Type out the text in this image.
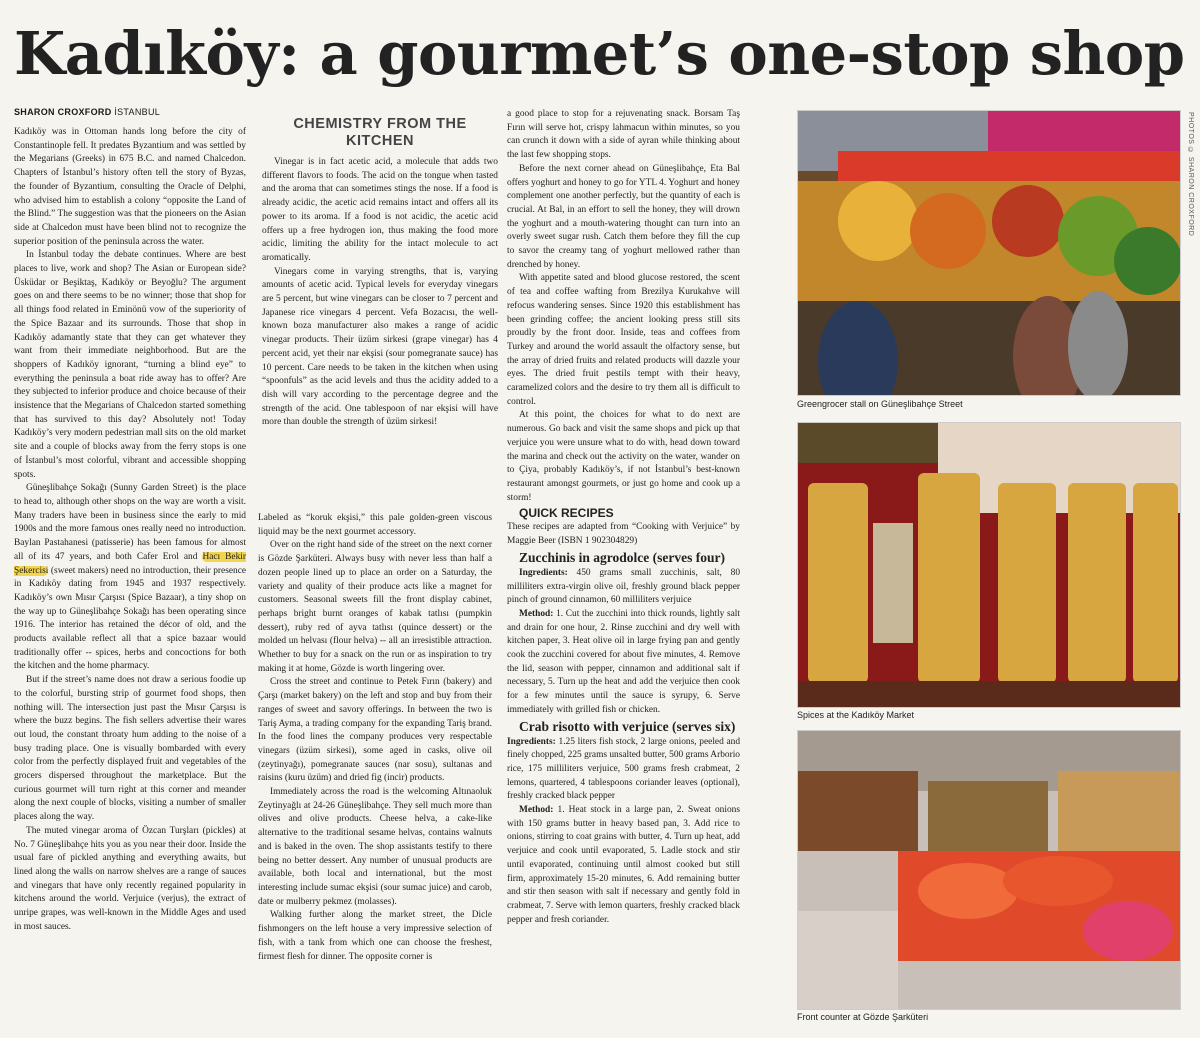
Kadıköy: a gourmet’s one-stop shop
SHARON CROXFORD İSTANBUL

Kadıköy was in Ottoman hands long before the city of Constantinople fell. It predates Byzantium and was settled by the Megarians (Greeks) in 675 B.C. and named Chalcedon. Chapters of İstanbul’s history often tell the story of Byzas, the founder of Byzantium, consulting the Oracle of Delphi, who advised him to establish a colony “opposite the Land of the Blind.” The suggestion was that the pioneers on the Asian side at Chalcedon must have been blind not to recognize the superior position of the peninsula across the water.

In İstanbul today the debate continues. Where are best places to live, work and shop? The Asian or European side? Üsküdar or Beşiktaş, Kadıköy or Beyoğlu? The argument goes on and there seems to be no winner; those that shop for all things food related in Eminönü vow of the superiority of the Spice Bazaar and its surrounds. Those that shop in Kadıköy adamantly state that they can get whatever they want from their immediate neighborhood. But are the shoppers of Kadıköy ignorant, “turning a blind eye” to everything the peninsula a boat ride away has to offer? Are they subjected to inferior produce and choice because of their insistence that the Megarians of Chalcedon started something that has survived to this day? Absolutely not! Today Kadıköy’s very modern pedestrian mall sits on the old market site and a couple of blocks away from the ferry stops is one of İstanbul’s most colorful, vibrant and accessible shopping spots.

Güneşlibahçe Sokağı (Sunny Garden Street) is the place to head to, although other shops on the way are worth a visit. Many traders have been in business since the early to mid 1900s and the more famous ones really need no introduction. Baylan Pastahanesi (patisserie) has been famous for almost all of its 47 years, and both Cafer Erol and Hacı Bekir Şekercisi (sweet makers) need no introduction, their presence in Kadıköy dating from 1945 and 1937 respectively. Kadıköy’s own Mısır Çarşısı (Spice Bazaar), a tiny shop on the way up to Güneşlibahçe Sokağı has been operating since 1916. The interior has retained the décor of old, and the products available reflect all that a spice bazaar would traditionally offer -- spices, herbs and concoctions for both the kitchen and the home pharmacy.

But if the street’s name does not draw a serious foodie up to the colorful, bursting strip of gourmet food shops, then nothing will. The intersection just past the Mısır Çarşısı is where the buzz begins. The fish sellers advertise their wares out loud, the constant throaty hum adding to the noise of a busy trading place. One is visually bombarded with every color from the perfectly displayed fruit and vegetables of the grocers dispersed throughout the marketplace. But the curious gourmet will turn right at this corner and meander along the next couple of blocks, visiting a number of smaller places along the way.

The muted vinegar aroma of Özcan Turşları (pickles) at No. 7 Güneşlibahçe hits you as you near their door. Inside the usual fare of pickled anything and everything awaits, but lined along the walls on narrow shelves are a range of sauces and vinegars that have only recently regained popularity in kitchens around the world. Verjuice (verjus), the extract of unripe grapes, was well-known in the Middle Ages and used in most sauces.

CHEMISTRY FROM THE KITCHEN

Vinegar is in fact acetic acid, a molecule that adds two different flavors to foods. The acid on the tongue when tasted and the aroma that can sometimes stings the nose. If a food is already acidic, the acetic acid remains intact and offers all its power to its aroma. If a food is not acidic, the acetic acid offers up a free hydrogen ion, thus making the food more acidic, limiting the ability for the intact molecule to act aromatically.

Vinegars come in varying strengths, that is, varying amounts of acetic acid. Typical levels for everyday vinegars are 5 percent, but wine vinegars can be closer to 7 percent and Japanese rice vinegars 4 percent. Vefa Bozacısı, the well-known boza manufacturer also makes a range of acidic vinegar products. Their üzüm sirkesi (grape vinegar) has 4 percent acid, yet their nar ekşisi (sour pomegranate sauce) has 10 percent. Care needs to be taken in the kitchen when using “spoonfuls” as the acid levels and thus the acidity added to a dish will vary according to the percentage degree and the strength of the acid. One tablespoon of nar ekşisi will have more than double the strength of üzüm sirkesi!

Labeled as “koruk ekşisi,” this pale golden-green viscous liquid may be the next gourmet accessory.

Over on the right hand side of the street on the next corner is Gözde Şarküteri. Always busy with never less than half a dozen people lined up to place an order on a Saturday, the variety and quality of their produce acts like a magnet for customers. Seasonal sweets fill the front display cabinet, perhaps bright burnt oranges of kabak tatlısı (pumpkin dessert), ruby red of ayva tatlısı (quince dessert) or the molded un helvası (flour helva) -- all an irresistible attraction. Whether to buy for a snack on the run or as inspiration to try making it at home, Gözde is worth lingering over.

Cross the street and continue to Petek Fırın (bakery) and Çarşı (market bakery) on the left and stop and buy from their ranges of sweet and savory offerings. In between the two is Tariş Ayma, a trading company for the expanding Tariş brand. In the food lines the company produces very respectable vinegars (üzüm sirkesi), some aged in casks, olive oil (zeytinyağı), pomegranate sauces (nar sosu), sultanas and raisins (kuru üzüm) and dried fig (incir) products.

Immediately across the road is the welcoming Altınaoluk Zeytinyağlı at 24-26 Güneşlibahçe. They sell much more than olives and olive products. Cheese helva, a cake-like alternative to the traditional sesame helvas, contains walnuts and is baked in the oven. The shop assistants testify to there being no better dessert. Any number of unusual products are available, both local and international, but the most interesting include sumac ekşisi (sour sumac juice) and carob, date or mulberry pekmez (molasses).

Walking further along the market street, the Dicle fishmongers on the left house a very impressive selection of fish, with a tank from which one can choose the freshest, firmest flesh for dinner. The opposite corner is

a good place to stop for a rejuvenating snack. Borsam Taş Fırın will serve hot, crispy lahmacun within minutes, so you can crunch it down with a side of ayran while thinking about the last few shopping stops.

Before the next corner ahead on Güneşlibahçe, Eta Bal offers yoghurt and honey to go for YTL 4. Yoghurt and honey complement one another perfectly, but the quantity of each is crucial. At Bal, in an effort to sell the honey, they will drown the yoghurt and a mouth-watering thought can turn into an overly sweet sugar rush. Catch them before they fill the cup to savor the creamy tang of yoghurt mellowed rather than drenched by honey.

With appetite sated and blood glucose restored, the scent of tea and coffee wafting from Brezilya Kurukahve will refocus wandering senses. Since 1920 this establishment has been grinding coffee; the ancient looking press still sits proudly by the front door. Inside, teas and coffees from Turkey and around the world assault the olfactory sense, but the array of dried fruits and related products will dazzle your eyes. The dried fruit pestils tempt with their heavy, caramelized colors and the desire to try them all is difficult to control.

At this point, the choices for what to do next are numerous. Go back and visit the same shops and pick up that verjuice you were unsure what to do with, head down toward the marina and check out the activity on the water, wander on to Çiya, probably Kadıköy’s, if not İstanbul’s best-known restaurant amongst gourmets, or just go home and cook up a storm!

QUICK RECIPES

These recipes are adapted from “Cooking with Verjuice” by Maggie Beer (ISBN 1 902304829)

Zucchinis in agrodolce (serves four)

Ingredients: 450 grams small zucchinis, salt, 80 milliliters extra-virgin olive oil, freshly ground black pepper pinch of ground cinnamon, 60 milliliters verjuice

Method: 1. Cut the zucchini into thick rounds, lightly salt and drain for one hour, 2. Rinse zucchini and dry well with kitchen paper, 3. Heat olive oil in large frying pan and gently cook the zucchini covered for about five minutes, 4. Remove the lid, season with pepper, cinnamon and additional salt if necessary, 5. Turn up the heat and add the verjuice then cook for a few minutes until the sauce is syrupy, 6. Serve immediately with grilled fish or chicken.

Crab risotto with verjuice (serves six)

Ingredients: 1.25 liters fish stock, 2 large onions, peeled and finely chopped, 225 grams unsalted butter, 500 grams Arborio rice, 175 milliliters verjuice, 500 grams fresh crabmeat, 2 lemons, quartered, 4 tablespoons coriander leaves (optional), freshly cracked black pepper

Method: 1. Heat stock in a large pan, 2. Sweat onions with 150 grams butter in heavy based pan, 3. Add rice to onions, stirring to coat grains with butter, 4. Turn up heat, add verjuice and cook until evaporated, 5. Ladle stock and stir until evaporated, continuing until almost cooked but still firm, approximately 15-20 minutes, 6. Add remaining butter and stir then season with salt if necessary and gently fold in crabmeat, 7. Serve with lemon quarters, freshly cracked black pepper and fresh coriander.

Greengrocer stall on Güneşlibahçe Street
Spices at the Kadıköy Market
Front counter at Gözde Şarküteri
PHOTOS © SHARON CROXFORD
